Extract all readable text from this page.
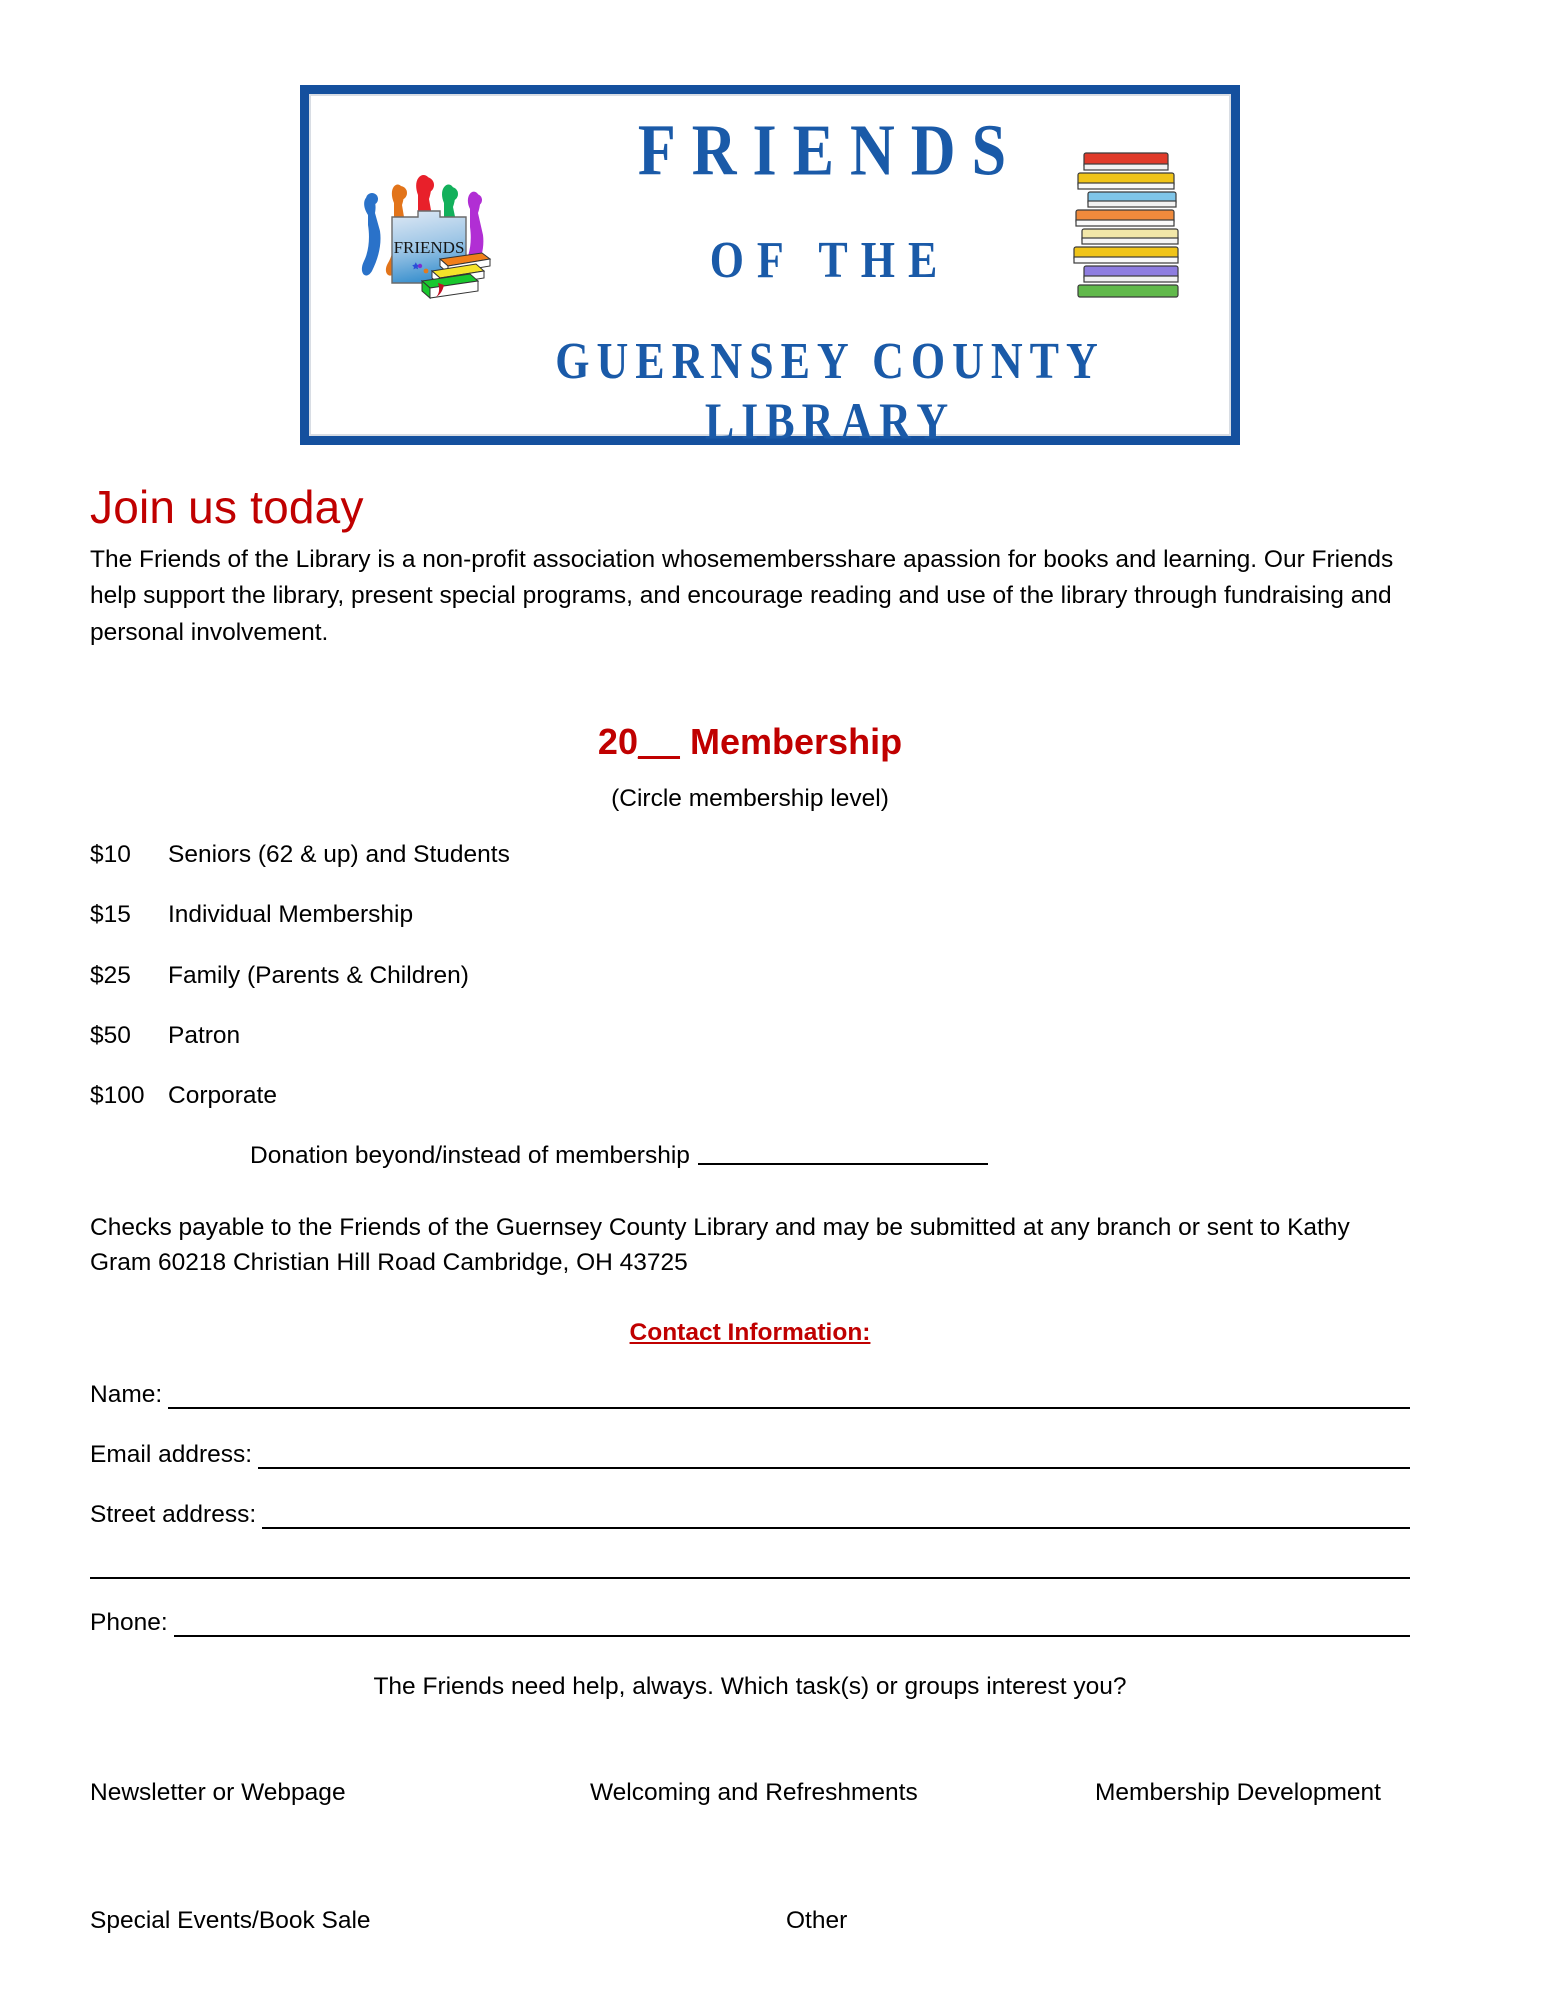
FRIENDS
FRIENDS
OF THE
GUERNSEY COUNTY LIBRARY
Join us today

The Friends of the Library is a non-profit association whosemembersshare apassion for books and learning. Our Friends help support the library, present special programs, and encourage reading and use of the library through fundraising and personal involvement.

20__ Membership

(Circle membership level)

$10	Seniors (62 & up) and Students
$15	Individual Membership
$25	Family (Parents & Children)
$50	Patron
$100 Corporate
Donation beyond/instead of membership

Checks payable to the Friends of the Guernsey County Library and may be submitted at any branch or sent to Kathy Gram 60218 Christian Hill Road Cambridge, OH 43725

Contact Information:

Name:
Email address:
Street address:
Phone:

The Friends need help, always. Which task(s) or groups interest you?

Newsletter or Webpage	Welcoming and Refreshments	Membership Development
Special Events/Book Sale	Other
